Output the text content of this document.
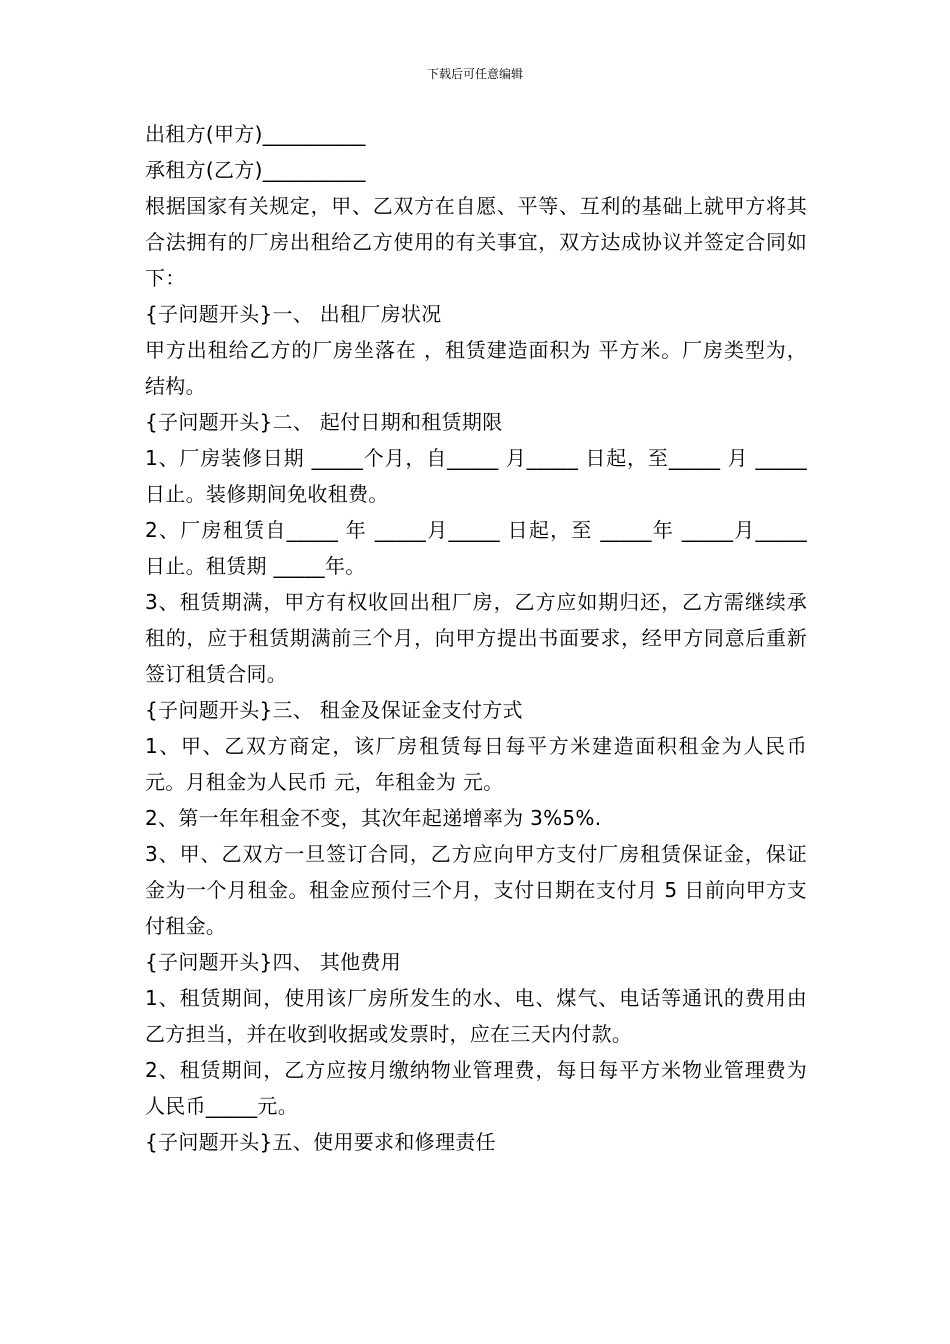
下载后可任意编辑

出租方(甲方)__________

承租方(乙方)__________

根据国家有关规定，甲、乙双方在自愿、平等、互利的基础上就甲方将其合法拥有的厂房出租给乙方使用的有关事宜，双方达成协议并签定合同如下：

{子问题开头}一、 出租厂房状况

甲方出租给乙方的厂房坐落在 ，租赁建造面积为 平方米。厂房类型为， 结构。

{子问题开头}二、 起付日期和租赁期限

1、厂房装修日期 _____个月，自_____ 月_____ 日起，至_____ 月 _____日止。装修期间免收租费。

2、厂房租赁自_____ 年 _____月_____ 日起，至 _____年 _____月_____ 日止。租赁期 _____年。

3、租赁期满，甲方有权收回出租厂房，乙方应如期归还，乙方需继续承租的，应于租赁期满前三个月，向甲方提出书面要求，经甲方同意后重新签订租赁合同。

{子问题开头}三、 租金及保证金支付方式

1、甲、乙双方商定，该厂房租赁每日每平方米建造面积租金为人民币 元。月租金为人民币 元，年租金为 元。

2、第一年年租金不变，其次年起递增率为 3%5%.

3、甲、乙双方一旦签订合同，乙方应向甲方支付厂房租赁保证金，保证金为一个月租金。租金应预付三个月，支付日期在支付月 5 日前向甲方支付租金。

{子问题开头}四、 其他费用

1、租赁期间，使用该厂房所发生的水、电、煤气、电话等通讯的费用由乙方担当，并在收到收据或发票时，应在三天内付款。

2、租赁期间，乙方应按月缴纳物业管理费，每日每平方米物业管理费为人民币_____元。

{子问题开头}五、使用要求和修理责任
